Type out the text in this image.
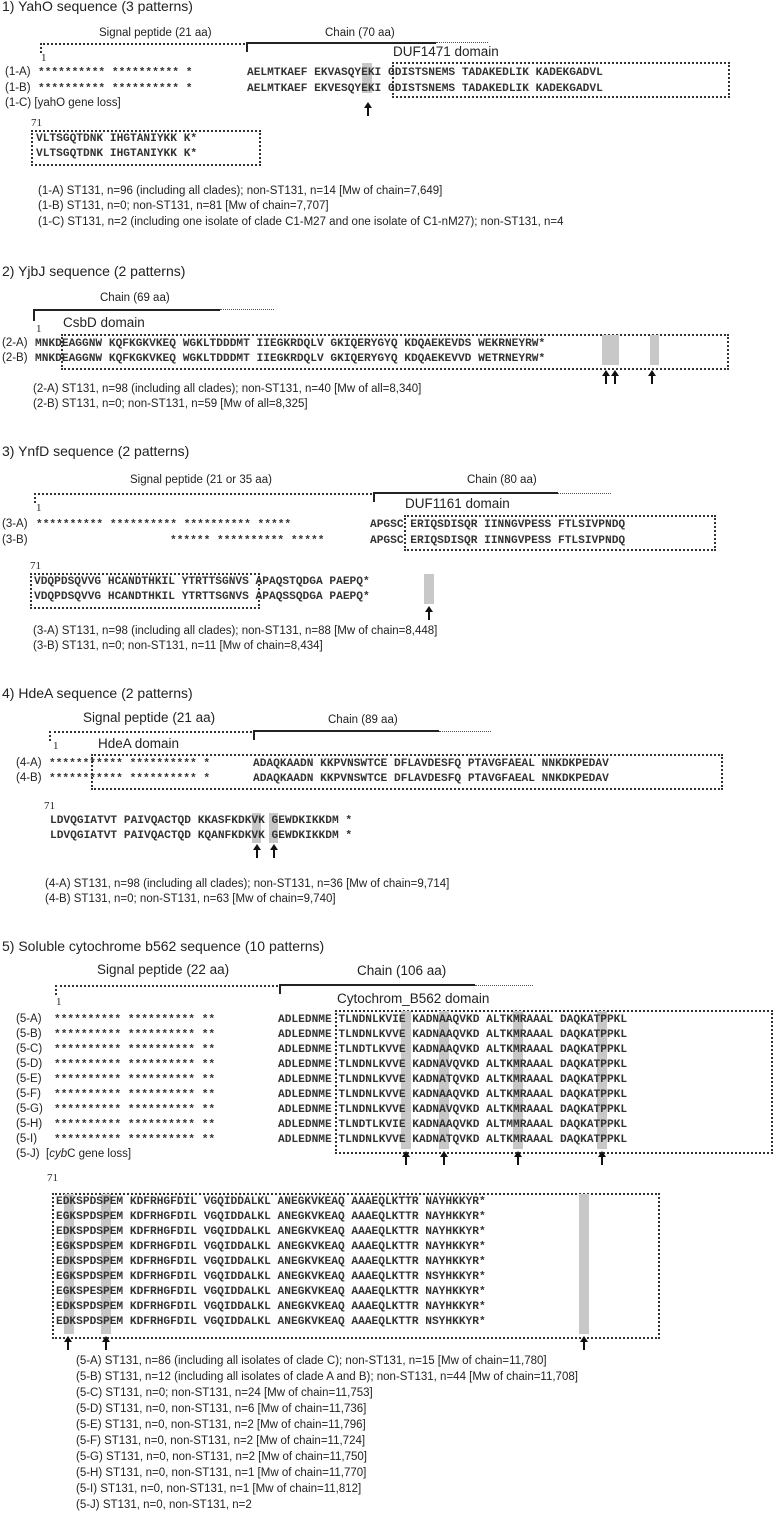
1) YahO sequence (3 patterns)
Signal peptide (21 aa)	Chain (70 aa)
1	DUF1471 domain
(1-A) ********** ********** *	AELMTKAEF EKVASQYEKI GDISTSNEMS TADAKEDLIK KADEKGADVL
(1-B) ********** ********** *	AELMTKAEF EKVESQYEKI GDISTSNEMS TADAKEDLIK KADEKGADVL
(1-C) [yahO gene loss]
71
VLTSGQTDNK IHGTANIYKK K*
VLTSGQTDNK IHGTANIYKK K*
(1-A) ST131, n=96 (including all clades); non-ST131, n=14 [Mw of chain=7,649]
(1-B) ST131, n=0; non-ST131, n=81 [Mw of chain=7,707]
(1-C) ST131, n=2 (including one isolate of clade C1-M27 and one isolate of C1-nM27); non-ST131, n=4
2) YjbJ sequence (2 patterns)
Chain (69 aa)
1 CsbD domain
(2-A) MNKDEAGGNW KQFKGKVKEQ WGKLTDDDMT IIEGKRDQLV GKIQERYGYQ KDQAEKEVDS WEKRNEYRW*
(2-B) MNKDEAGGNW KQFKGKVKEQ WGKLTDDDMT IIEGKRDQLV GKIQERYGYQ KDQAEKEVVD WETRNEYRW*
(2-A) ST131, n=98 (including all clades); non-ST131, n=40 [Mw of all=8,340]
(2-B) ST131, n=0; non-ST131, n=59 [Mw of all=8,325]
3) YnfD sequence (2 patterns)
Signal peptide (21 or 35 aa)	Chain (80 aa)
1	DUF1161 domain
(3-A) ********** ********** ********** *****	APGSC ERIQSDISQR IINNGVPESS FTLSIVPNDQ
(3-B)	****** ********** *****	APGSC ERIQSDISQR IINNGVPESS FTLSIVPNDQ
71
VDQPDSQVVG HCANDTHKIL YTRTTSGNVS APAQSTQDGA PAEPQ*
VDQPDSQVVG HCANDTHKIL YTRTTSGNVS APAQSSQDGA PAEPQ*
(3-A) ST131, n=98 (including all clades); non-ST131, n=88 [Mw of chain=8,448]
(3-B) ST131, n=0; non-ST131, n=11 [Mw of chain=8,434]
4) HdeA sequence (2 patterns)
Signal peptide (21 aa)	Chain (89 aa)
1	HdeA domain
(4-A) *********** ********** *	ADAQKAADN KKPVNSWTCE DFLAVDESFQ PTAVGFAEAL NNKDKPEDAV
(4-B) *********** ********** *	ADAQKAADN KKPVNSWTCE DFLAVDESFQ PTAVGFAEAL NNKDKPEDAV
71
LDVQGIATVT PAIVQACTQD KKASFKDKVK GEWDKIKKDM *
LDVQGIATVT PAIVQACTQD KQANFKDKVK GEWDKIKKDM *
(4-A) ST131, n=98 (including all clades); non-ST131, n=36 [Mw of chain=9,714]
(4-B) ST131, n=0; non-ST131, n=63 [Mw of chain=9,740]
5) Soluble cytochrome b562 sequence (10 patterns)
Signal peptide (22 aa)	Chain (106 aa)
1	Cytochrom_B562 domain
(5-A) ********** ********** **	ADLEDNME TLNDNLKVIE KADNAAQVKD ALTKMRAAAL DAQKATPPKL
(5-B) ********** ********** **	ADLEDNME TLNDNLKVVE KADNAAQVKD ALTKMRAAAL DAQKATPPKL
(5-C) ********** ********** **	ADLEDNME TLNDTLKVVE KADNAAQVKD ALTKMRAAAL DAQKATPPKL
(5-D) ********** ********** **	ADLEDNME TLNDNLKVVE KADNAVQVKD ALTKMRAAAL DAQKATPPKL
(5-E) ********** ********** **	ADLEDNME TLNDNLKVVE KADNATQVKD ALTKMRAAAL DAQKATPPKL
(5-F) ********** ********** **	ADLEDNME TLNDNLKVVE KADNAAQVKD ALTKMRAAAL DAQKATPPKL
(5-G) ********** ********** **	ADLEDNME TLNDNLKVVE KADNAVQVKD ALTKMRAAAL DAQKATPPKL
(5-H) ********** ********** **	ADLEDNME TLNDTLKVIE KADNAAQVKD ALTMMRAAAL DAQKATPPKL
(5-I) ********** ********** **	ADLEDNME TLNDNLKVVE KADNATQVKD ALTKMRAAAL DAQKATPPKL
(5-J) [cybC gene loss]
71
EDKSPDSPEM KDFRHGFDIL VGQIDDALKL ANEGKVKEAQ AAAEQLKTTR NAYHKKYR*
EGKSPDSPEM KDFRHGFDIL VGQIDDALKL ANEGKVKEAQ AAAEQLKTTR NAYHKKYR*
EDKSPDSPEM KDFRHGFDIL VGQIDDALKL ANEGKVKEAQ AAAEQLKTTR NAYHKKYR*
EGKSPDSPEM KDFRHGFDIL VGQIDDALKL ANEGKVKEAQ AAAEQLKTTR NAYHKKYR*
EDKSPDSPEM KDFRHGFDIL VGQIDDALKL ANEGKVKEAQ AAAEQLKTTR NAYHKKYR*
EGKSPDSPEM KDFRHGFDIL VGQIDDALKL ANEGKVKEAQ AAAEQLKTTR NSYHKKYR*
EGKSPESPEM KDFRHGFDIL VGQIDDALKL ANEGKVKEAQ AAAEQLKTTR NAYHKKYR*
EDKSPDSPEM KDFRHGFDIL VGQIDDALKL ANEGKVKEAQ AAAEQLKTTR NAYHKKYR*
EDKSPDSPEM KDFRHGFDIL VGQIDDALKL ANEGKVKEAQ AAAEQLKTTR NSYHKKYR*
(5-A) ST131, n=86 (including all isolates of clade C); non-ST131, n=15 [Mw of chain=11,780]
(5-B) ST131, n=12 (including all isolates of clade A and B); non-ST131, n=44 [Mw of chain=11,708]
(5-C) ST131, n=0; non-ST131, n=24 [Mw of chain=11,753]
(5-D) ST131, n=0, non-ST131, n=6 [Mw of chain=11,736]
(5-E) ST131, n=0, non-ST131, n=2 [Mw of chain=11,796]
(5-F) ST131, n=0, non-ST131, n=2 [Mw of chain=11,724]
(5-G) ST131, n=0, non-ST131, n=2 [Mw of chain=11,750]
(5-H) ST131, n=0, non-ST131, n=1 [Mw of chain=11,770]
(5-I) ST131, n=0, non-ST131, n=1 [Mw of chain=11,812]
(5-J) ST131, n=0, non-ST131, n=2
